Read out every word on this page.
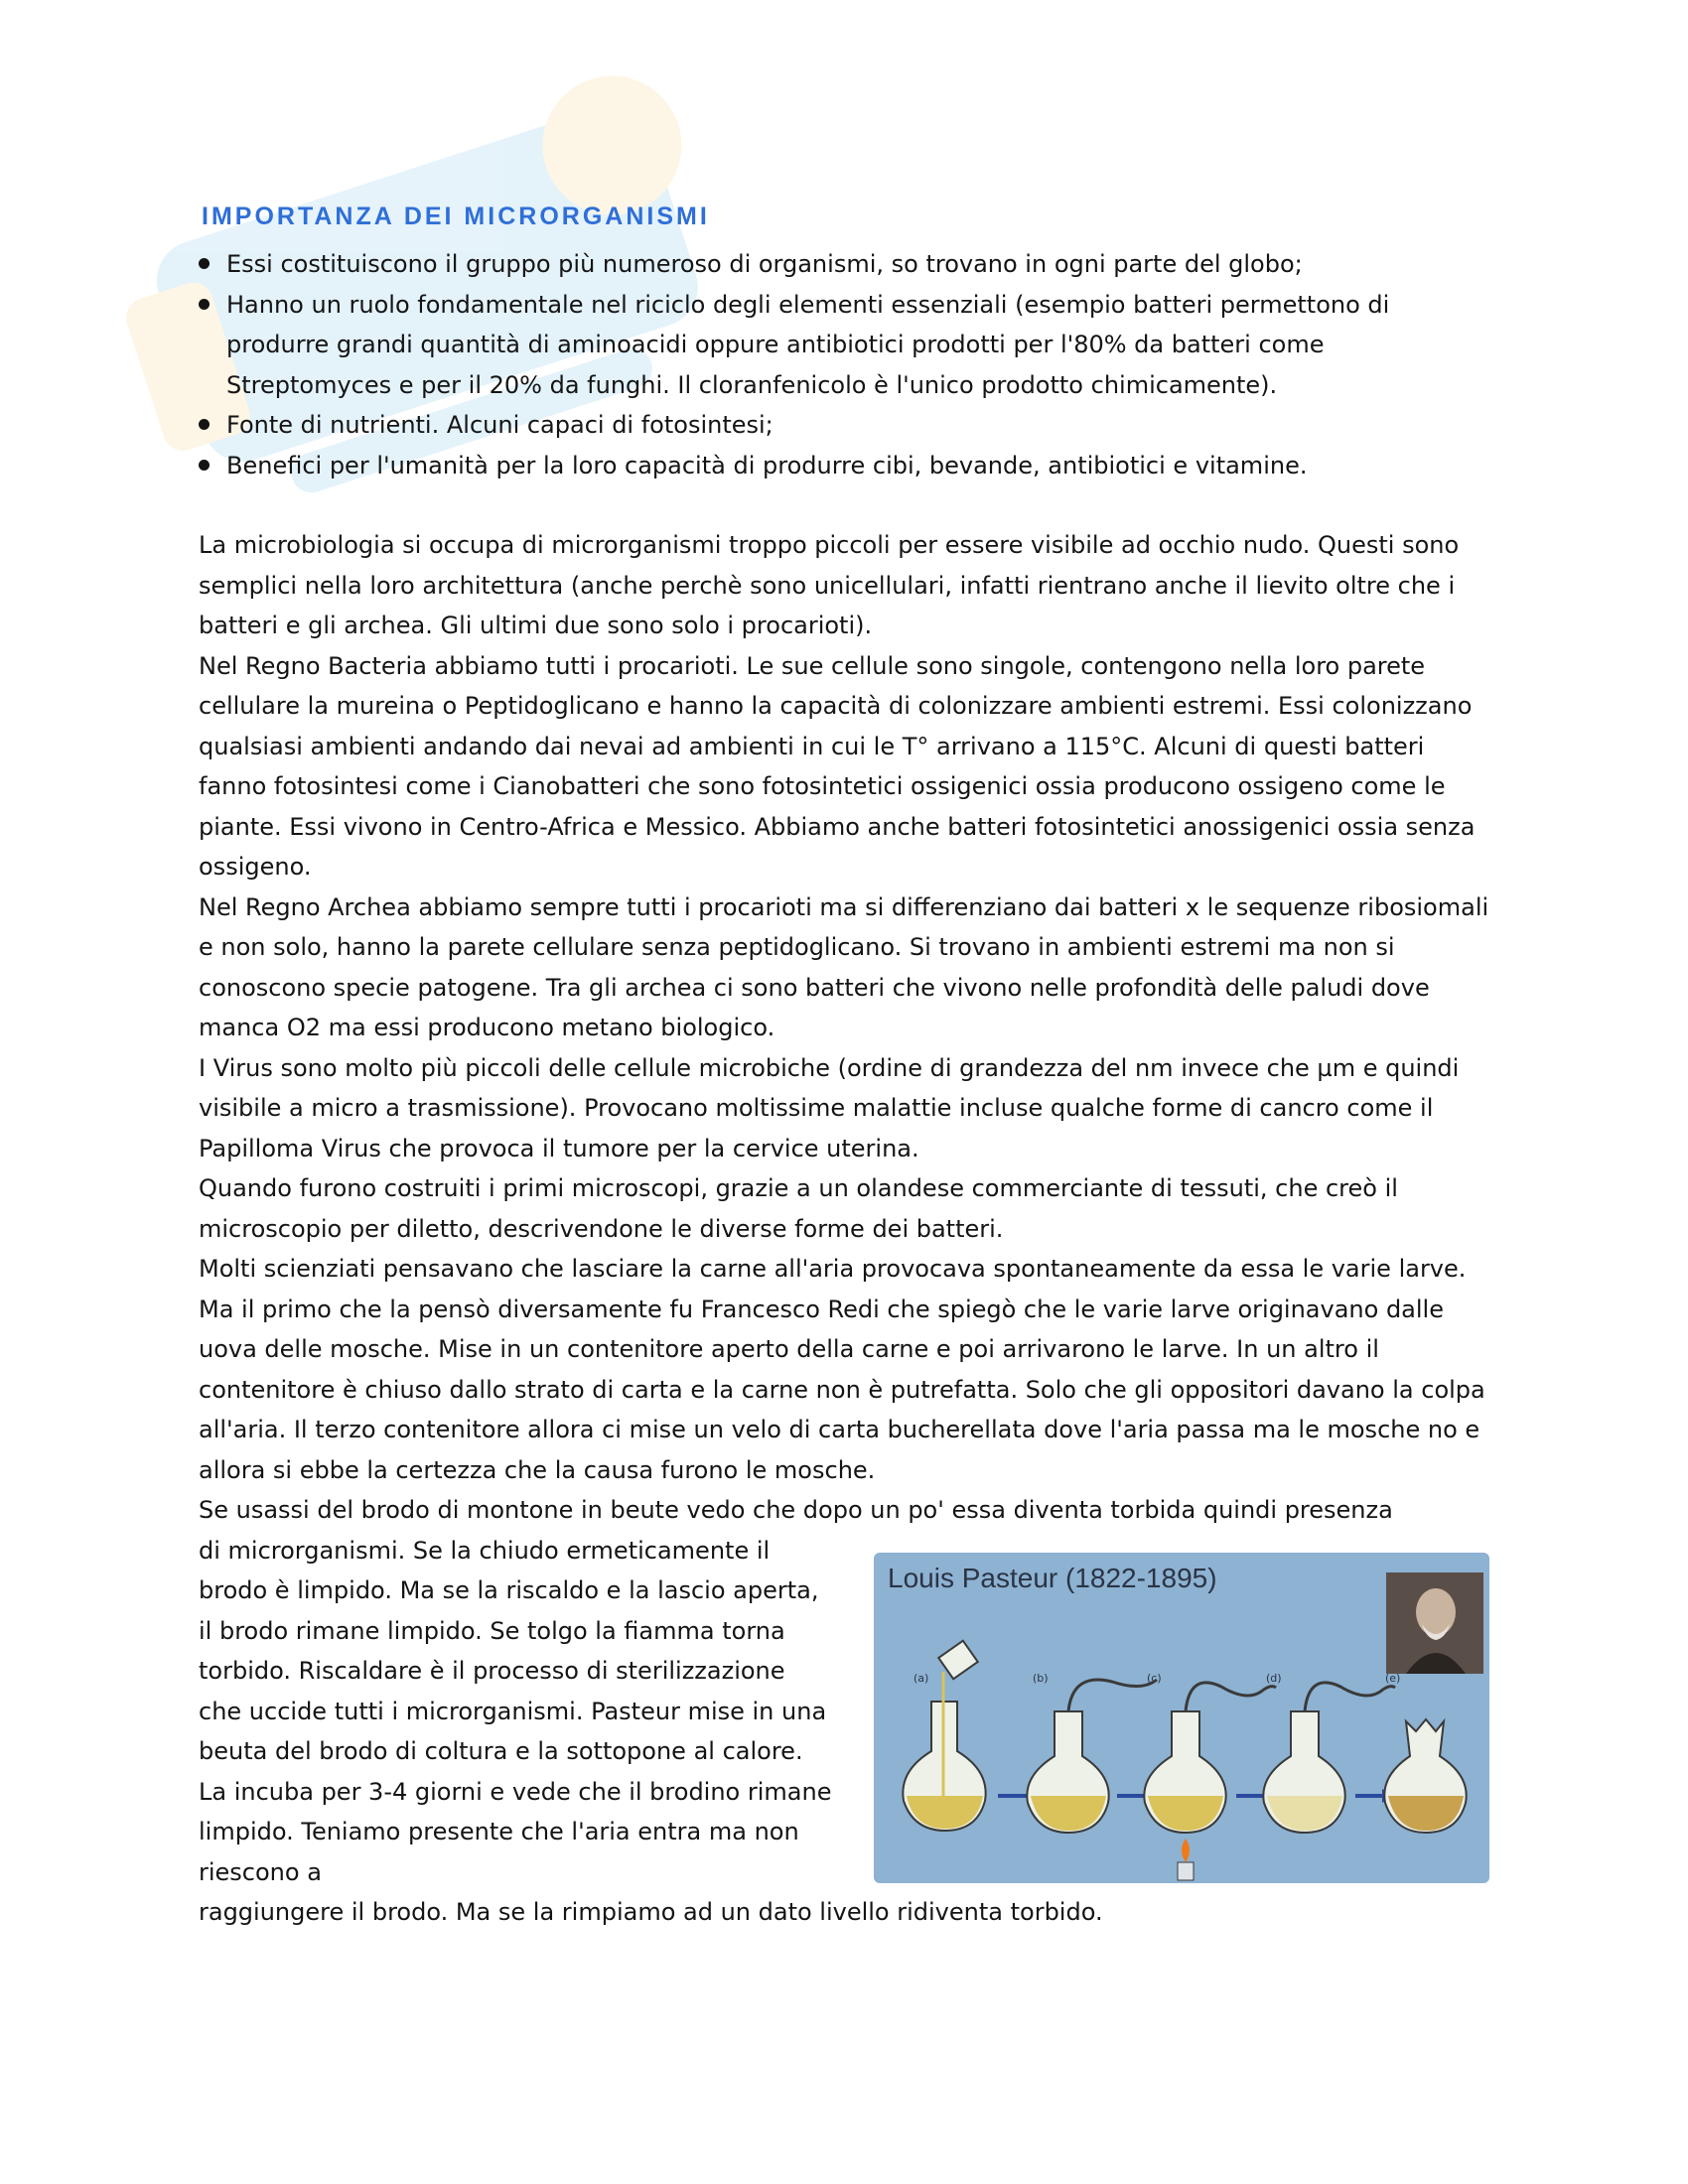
IMPORTANZA DEI MICRORGANISMI
Essi costituiscono il gruppo più numeroso di organismi, so trovano in ogni parte del globo;
Hanno un ruolo fondamentale nel riciclo degli elementi essenziali (esempio batteri permettono di produrre grandi quantità di aminoacidi oppure antibiotici prodotti per l'80% da batteri come Streptomyces e per il 20% da funghi. Il cloranfenicolo è l'unico prodotto chimicamente).
Fonte di nutrienti. Alcuni capaci di fotosintesi;
Benefici per l'umanità per la loro capacità di produrre cibi, bevande, antibiotici e vitamine.

La microbiologia si occupa di microrganismi troppo piccoli per essere visibile ad occhio nudo. Questi sono semplici nella loro architettura (anche perchè sono unicellulari, infatti rientrano anche il lievito oltre che i batteri e gli archea. Gli ultimi due sono solo i procarioti).

Nel Regno Bacteria abbiamo tutti i procarioti. Le sue cellule sono singole, contengono nella loro parete cellulare la mureina o Peptidoglicano e hanno la capacità di colonizzare ambienti estremi. Essi colonizzano qualsiasi ambienti andando dai nevai ad ambienti in cui le T° arrivano a 115°C. Alcuni di questi batteri fanno fotosintesi come i Cianobatteri che sono fotosintetici ossigenici ossia producono ossigeno come le piante. Essi vivono in Centro-Africa e Messico. Abbiamo anche batteri fotosintetici anossigenici ossia senza ossigeno.

Nel Regno Archea abbiamo sempre tutti i procarioti ma si differenziano dai batteri x le sequenze ribosiomali e non solo, hanno la parete cellulare senza peptidoglicano. Si trovano in ambienti estremi ma non si conoscono specie patogene. Tra gli archea ci sono batteri che vivono nelle profondità delle paludi dove manca O2 ma essi producono metano biologico.

I Virus sono molto più piccoli delle cellule microbiche (ordine di grandezza del nm invece che µm e quindi visibile a micro a trasmissione). Provocano moltissime malattie incluse qualche forme di cancro come il Papilloma Virus che provoca il tumore per la cervice uterina.

Quando furono costruiti i primi microscopi, grazie a un olandese commerciante di tessuti, che creò il microscopio per diletto, descrivendone le diverse forme dei batteri.

Molti scienziati pensavano che lasciare la carne all'aria provocava spontaneamente da essa le varie larve. Ma il primo che la pensò diversamente fu Francesco Redi che spiegò che le varie larve originavano dalle uova delle mosche. Mise in un contenitore aperto della carne e poi arrivarono le larve. In un altro il contenitore è chiuso dallo strato di carta e la carne non è putrefatta. Solo che gli oppositori davano la colpa all'aria. Il terzo contenitore allora ci mise un velo di carta bucherellata dove l'aria passa ma le mosche no e allora si ebbe la certezza che la causa furono le mosche.

Se usassi del brodo di montone in beute vedo che dopo un po' essa diventa torbida quindi presenza

di microrganismi. Se la chiudo ermeticamente il brodo è limpido. Ma se la riscaldo e la lascio aperta, il brodo rimane limpido. Se tolgo la fiamma torna torbido. Riscaldare è il processo di sterilizzazione che uccide tutti i microrganismi. Pasteur mise in una beuta del brodo di coltura e la sottopone al calore. La incuba per 3-4 giorni e vede che il brodino rimane limpido. Teniamo presente che l'aria entra ma non riescono a

Louis Pasteur (1822-1895)
(a)	(b)	(c)	(d)	(e)

raggiungere il brodo. Ma se la rimpiamo ad un dato livello ridiventa torbido.
